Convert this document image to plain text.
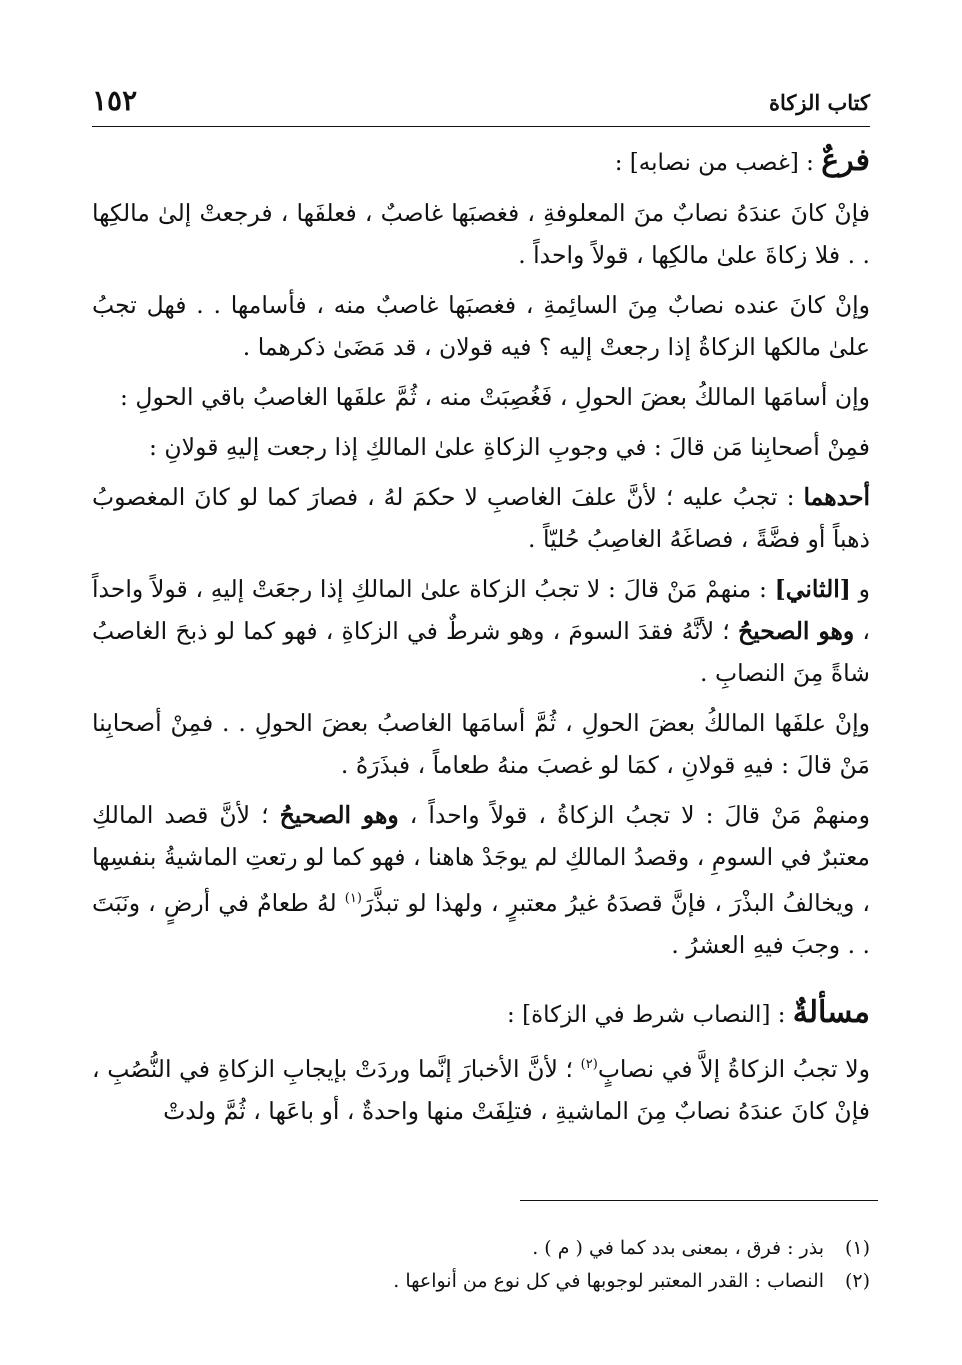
كتاب الزكاة
١٥٢

فرعٌ : [غصب من نصابه] :

فإنْ كانَ عندَهُ نصابٌ منَ المعلوفةِ ، فغصبَها غاصبٌ ، فعلفَها ، فرجعتْ إلىٰ مالكِها . . فلا زكاةَ علىٰ مالكِها ، قولاً واحداً .

وإنْ كانَ عنده نصابٌ مِنَ السائِمةِ ، فغصبَها غاصبٌ منه ، فأسامها . . فهل تجبُ علىٰ مالكها الزكاةُ إذا رجعتْ إليه ؟ فيه قولان ، قد مَضَىٰ ذكرهما .

وإن أسامَها المالكُ بعضَ الحولِ ، فَغُصِبَتْ منه ، ثُمَّ علفَها الغاصبُ باقي الحولِ :

فمِنْ أصحابِنا مَن قالَ : في وجوبِ الزكاةِ علىٰ المالكِ إذا رجعت إليهِ قولانِ :

أحدهما : تجبُ عليه ؛ لأنَّ علفَ الغاصبِ لا حكمَ لهُ ، فصارَ كما لو كانَ المغصوبُ ذهباً أو فضَّةً ، فصاغَهُ الغاصِبُ حُليّاً .

و [الثاني] : منهمْ مَنْ قالَ : لا تجبُ الزكاة علىٰ المالكِ إذا رجعَتْ إليهِ ، قولاً واحداً ، وهو الصحيحُ ؛ لأنَّهُ فقدَ السومَ ، وهو شرطٌ في الزكاةِ ، فهو كما لو ذبحَ الغاصبُ شاةً مِنَ النصابِ .

وإنْ علفَها المالكُ بعضَ الحولِ ، ثُمَّ أسامَها الغاصبُ بعضَ الحولِ . . فمِنْ أصحابِنا مَنْ قالَ : فيهِ قولانِ ، كمَا لو غصبَ منهُ طعاماً ، فبذَرَهُ .

ومنهمْ مَنْ قالَ : لا تجبُ الزكاةُ ، قولاً واحداً ، وهو الصحيحُ ؛ لأنَّ قصد المالكِ معتبرٌ في السومِ ، وقصدُ المالكِ لم يوجَدْ هاهنا ، فهو كما لو رتعتِ الماشيةُ بنفسِها ، ويخالفُ البذْرَ ، فإنَّ قصدَهُ غيرُ معتبرٍ ، ولهذا لو تبذَّرَ$^{(١)}$ لهُ طعامٌ في أرضٍ ، ونَبَتَ . . وجبَ فيهِ العشرُ .

مسألةٌ : [النصاب شرط في الزكاة] :

ولا تجبُ الزكاةُ إلاَّ في نصابٍ$^{(٢)}$ ؛ لأنَّ الأخبارَ إنَّما وردَتْ بإيجابِ الزكاةِ في النُّصُبِ ، فإنْ كانَ عندَهُ نصابٌ مِنَ الماشيةِ ، فتلِفَتْ منها واحدةٌ ، أو باعَها ، ثُمَّ ولدتْ

(١)بذر : فرق ، بمعنى بدد كما في ( م ) .

(٢)النصاب : القدر المعتبر لوجوبها في كل نوع من أنواعها .
